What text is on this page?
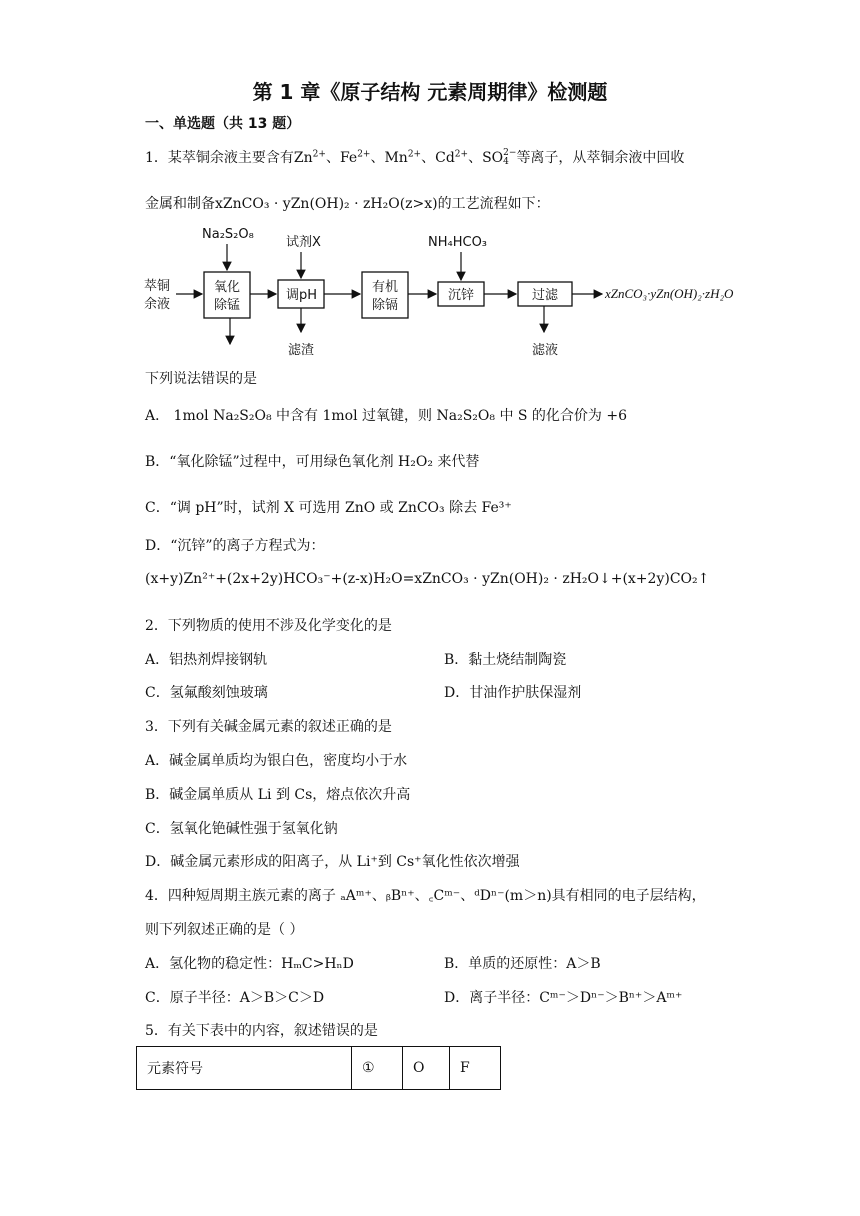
第 1 章《原子结构 元素周期律》检测题
一、单选题（共 13 题）
1．某萃铜余液主要含有$Zn^{2+}$、$Fe^{2+}$、$Mn^{2+}$、$Cd^{2+}$、SO 2−
4 等离子，从萃铜余液中回收
金属和制备xZnCO₃ · yZn(OH)₂ · zH₂O(z>x)的工艺流程如下：
萃铜
余液
氧化
除锰
Na₂S₂O₈
调pH
试剂X
滤渣
有机
除镉
沉锌
NH₄HCO₃
过滤
滤液
xZnCO₃·yZn(OH)₂·zH₂O
下列说法错误的是
A． 1mol Na₂S₂O₈ 中含有 1mol 过氧键，则 Na₂S₂O₈ 中 S 的化合价为 +6
B．“氧化除锰”过程中，可用绿色氧化剂 H₂O₂ 来代替
C．“调 pH”时，试剂 X 可选用 ZnO 或 ZnCO₃ 除去 Fe³⁺
D．“沉锌”的离子方程式为：
(x+y)Zn²⁺+(2x+2y)HCO₃⁻+(z-x)H₂O=xZnCO₃ · yZn(OH)₂ · zH₂O↓+(x+2y)CO₂↑
2．下列物质的使用不涉及化学变化的是
A．铝热剂焊接钢轨	B．黏土烧结制陶瓷
C．氢氟酸刻蚀玻璃	D．甘油作护肤保湿剂
3．下列有关碱金属元素的叙述正确的是
A．碱金属单质均为银白色，密度均小于水
B．碱金属单质从 Li 到 Cs，熔点依次升高
C．氢氧化铯碱性强于氢氧化钠
D．碱金属元素形成的阳离子，从 Li⁺到 Cs⁺氧化性依次增强
4．四种短周期主族元素的离子 ₐAᵐ⁺、ᵦBⁿ⁺、꜀Cᵐ⁻、ᵈDⁿ⁻(m＞n)具有相同的电子层结构，
则下列叙述正确的是（ ）
A．氢化物的稳定性：HₘC>HₙD	B．单质的还原性：A＞B
C．原子半径：A＞B＞C＞D	D．离子半径：Cᵐ⁻＞Dⁿ⁻＞Bⁿ⁺＞Aᵐ⁺
5．有关下表中的内容，叙述错误的是
元素符号	①	O	F
